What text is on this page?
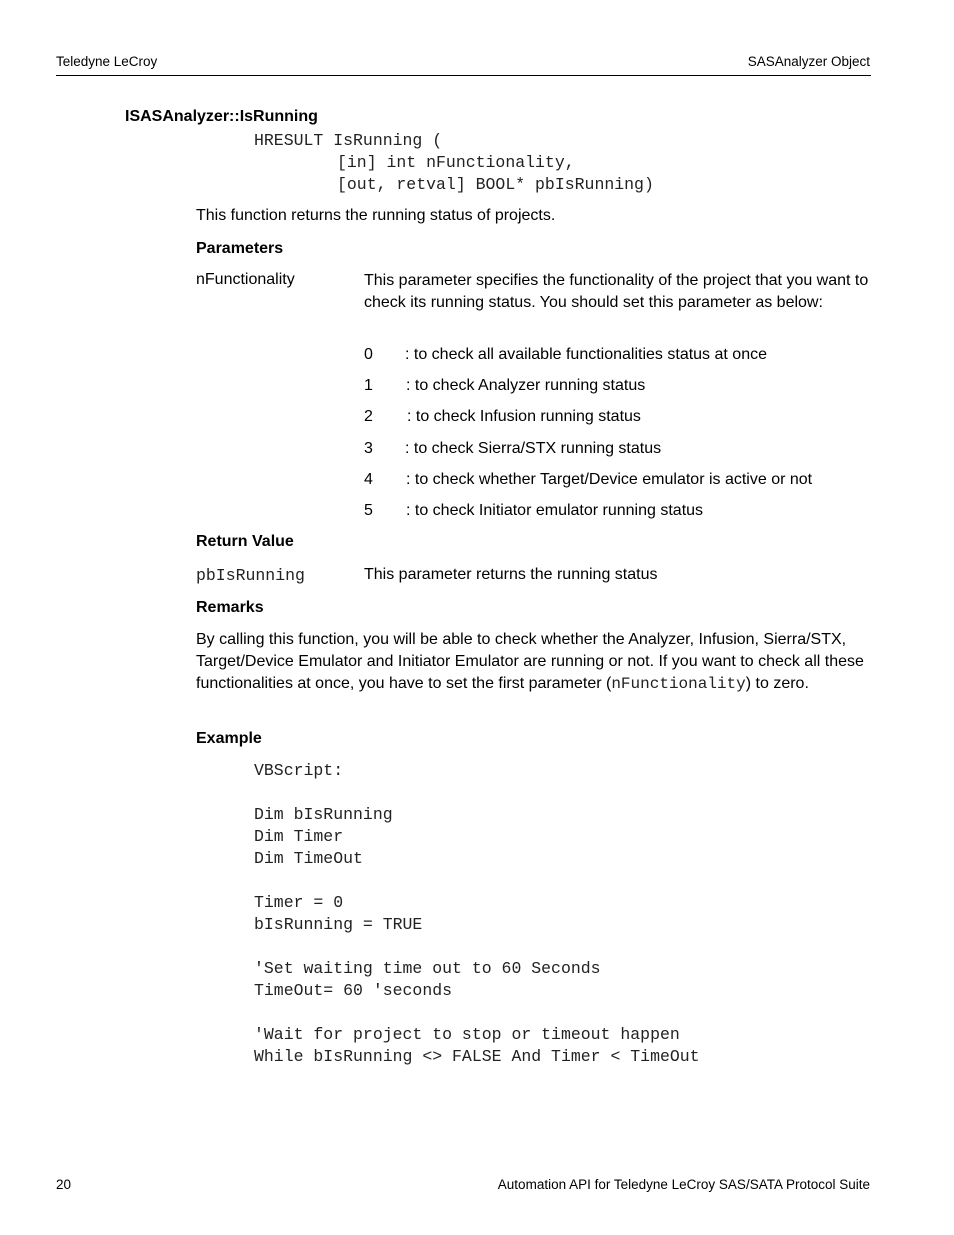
Teledyne LeCroy	SASAnalyzer Object
ISASAnalyzer::IsRunning
HRESULT IsRunning (
[in] int nFunctionality,
[out, retval] BOOL* pbIsRunning)
This function returns the running status of projects.
Parameters
nFunctionality	This parameter specifies the functionality of the project that you want to check its running status. You should set this parameter as below:
0 : to check all available functionalities status at once
1 : to check Analyzer running status
2 : to check Infusion running status
3 : to check Sierra/STX running status
4 : to check whether Target/Device emulator is active or not
5 : to check Initiator emulator running status
Return Value
pbIsRunning	This parameter returns the running status
Remarks
By calling this function, you will be able to check whether the Analyzer, Infusion, Sierra/STX, Target/Device Emulator and Initiator Emulator are running or not. If you want to check all these functionalities at once, you have to set the first parameter (nFunctionality) to zero.
Example
VBScript:

Dim bIsRunning
Dim Timer
Dim TimeOut

Timer = 0
bIsRunning = TRUE

'Set waiting time out to 60 Seconds
TimeOut= 60 'seconds

'Wait for project to stop or timeout happen
While bIsRunning <> FALSE And Timer < TimeOut
20	Automation API for Teledyne LeCroy SAS/SATA Protocol Suite
